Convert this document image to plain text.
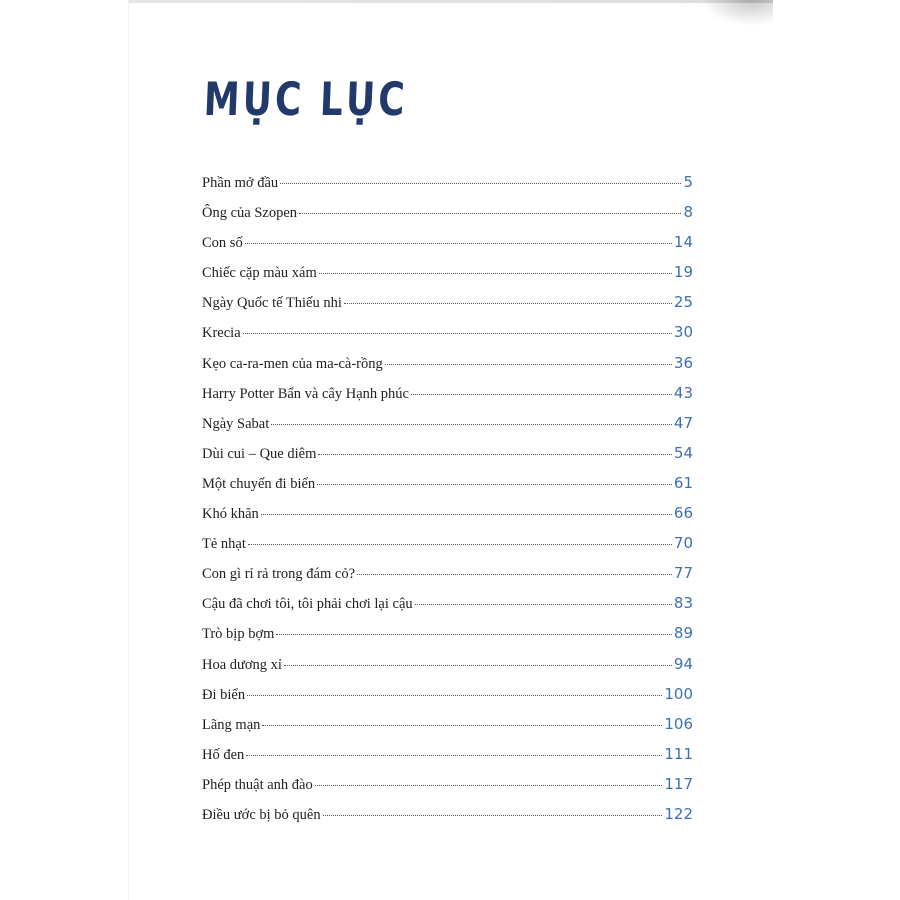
MỤC LỤC
Phần mở đầu	5
Ông của Szopen	8
Con số	14
Chiếc cặp màu xám	19
Ngày Quốc tế Thiếu nhi	25
Krecia	30
Kẹo ca-ra-men của ma-cà-rồng	36
Harry Potter Bẩn và cây Hạnh phúc	43
Ngày Sabat	47
Dùi cui – Que diêm	54
Một chuyến đi biển	61
Khó khăn	66
Tẻ nhạt	70
Con gì rỉ rả trong đám cỏ?	77
Cậu đã chơi tôi, tôi phải chơi lại cậu	83
Trò bịp bợm	89
Hoa dương xỉ	94
Đi biển	100
Lãng mạn	106
Hố đen	111
Phép thuật anh đào	117
Điều ước bị bỏ quên	122
